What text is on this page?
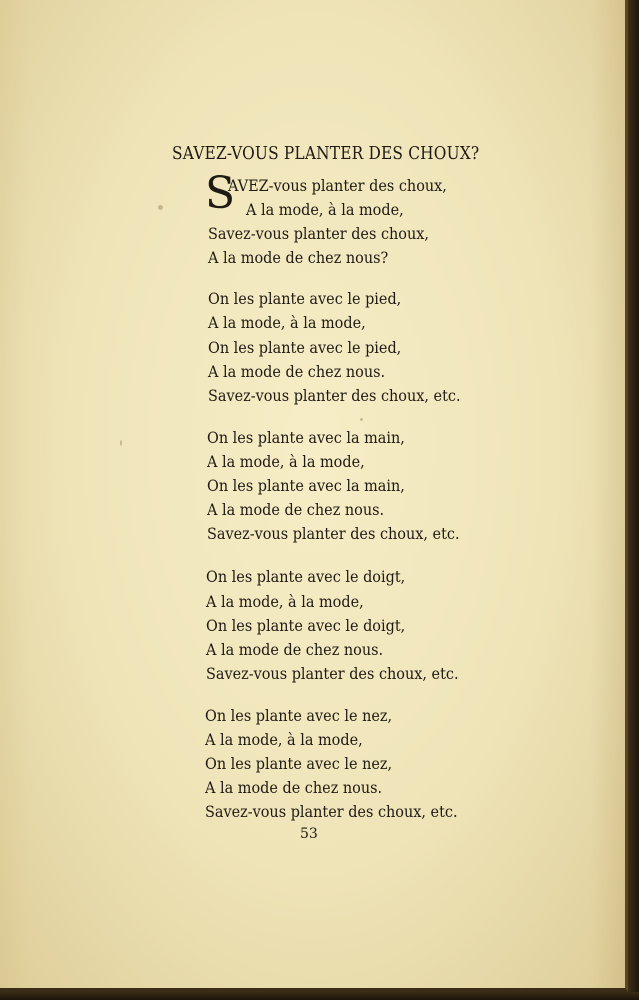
SAVEZ-VOUS PLANTER DES CHOUX?
S
AVEZ-vous planter des choux,
A la mode, à la mode,
Savez-vous planter des choux,
A la mode de chez nous?
On les plante avec le pied,
A la mode, à la mode,
On les plante avec le pied,
A la mode de chez nous.
Savez-vous planter des choux, etc.
On les plante avec la main,
A la mode, à la mode,
On les plante avec la main,
A la mode de chez nous.
Savez-vous planter des choux, etc.
On les plante avec le doigt,
A la mode, à la mode,
On les plante avec le doigt,
A la mode de chez nous.
Savez-vous planter des choux, etc.
On les plante avec le nez,
A la mode, à la mode,
On les plante avec le nez,
A la mode de chez nous.
Savez-vous planter des choux, etc.
53
